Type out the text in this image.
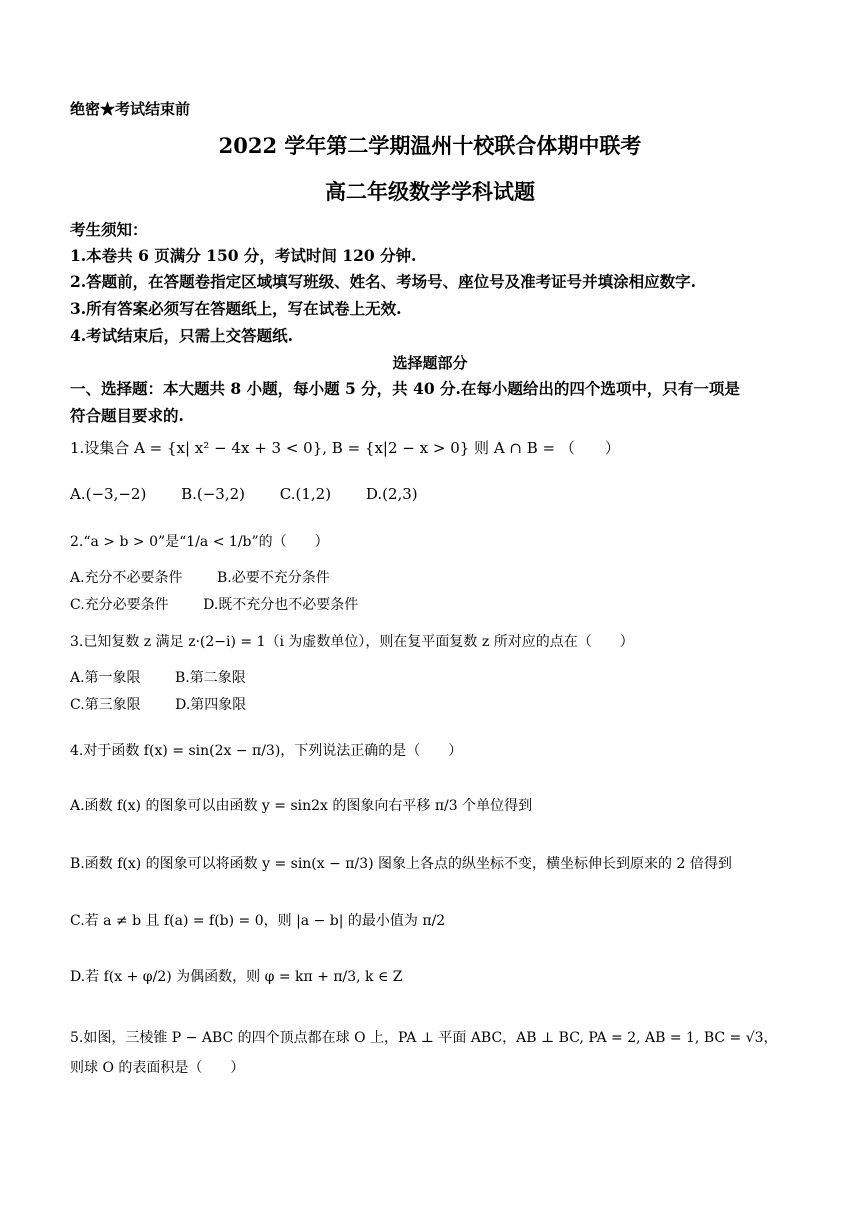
绝密★考试结束前
2022 学年第二学期温州十校联合体期中联考
高二年级数学学科试题
考生须知：
1.本卷共 6 页满分 150 分，考试时间 120 分钟.
2.答题前，在答题卷指定区域填写班级、姓名、考场号、座位号及准考证号并填涂相应数字.
3.所有答案必须写在答题纸上，写在试卷上无效.
4.考试结束后，只需上交答题纸.
选择题部分
一、选择题：本大题共 8 小题，每小题 5 分，共 40 分.在每小题给出的四个选项中，只有一项是
符合题目要求的.
1.设集合 A = {x| x² − 4x + 3 < 0}, B = {x|2 − x > 0} 则 A ∩ B = （　　）
A.(−3,−2) B.(−3,2) C.(1,2) D.(2,3)
2.“a > b > 0”是“1/a < 1/b”的（　　）
A.充分不必要条件 B.必要不充分条件
C.充分必要条件 D.既不充分也不必要条件
3.已知复数 z 满足 z·(2−i) = 1（i 为虚数单位），则在复平面复数 z 所对应的点在（　　）
A.第一象限 B.第二象限
C.第三象限 D.第四象限
4.对于函数 f(x) = sin(2x − π/3)，下列说法正确的是（　　）
A.函数 f(x) 的图象可以由函数 y = sin2x 的图象向右平移 π/3 个单位得到
B.函数 f(x) 的图象可以将函数 y = sin(x − π/3) 图象上各点的纵坐标不变，横坐标伸长到原来的 2 倍得到
C.若 a ≠ b 且 f(a) = f(b) = 0，则 |a − b| 的最小值为 π/2
D.若 f(x + φ/2) 为偶函数，则 φ = kπ + π/3, k ∈ Z
5.如图，三棱锥 P − ABC 的四个顶点都在球 O 上，PA ⊥ 平面 ABC，AB ⊥ BC, PA = 2, AB = 1, BC = √3，
则球 O 的表面积是（　　）
